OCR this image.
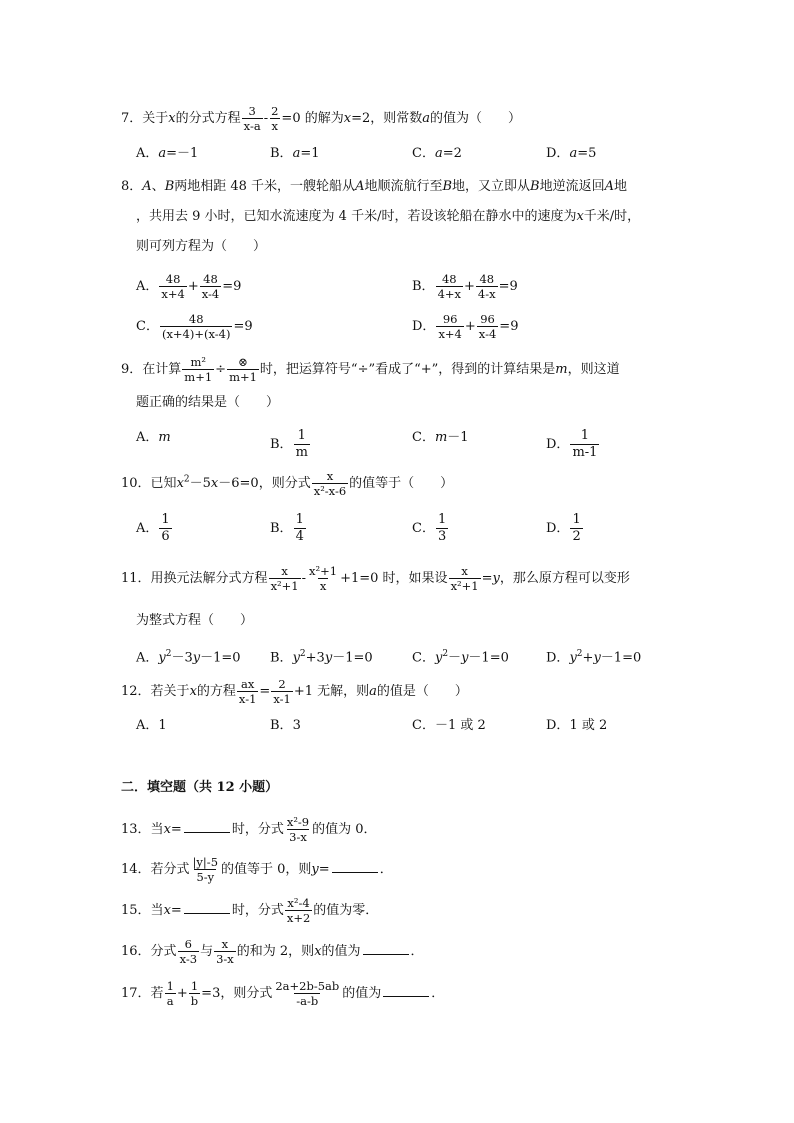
7．关于x的分式方程 $\frac{3}{x-a} - \frac{2}{x} =0$ 的解为x=2，则常数a的值为（　　）
A．a=－1	B．a=1	C．a=2	D．a=5
8．A、B两地相距 48 千米，一艘轮船从A地顺流航行至B地，又立即从B地逆流返回A地
，共用去 9 小时，已知水流速度为 4 千米/时，若设该轮船在静水中的速度为x千米/时，
则可列方程为（　　）
A． $\frac{48}{x+4} + \frac{48}{x-4} =9$	B． $\frac{48}{4+x} + \frac{48}{4-x} =9$
C． $\frac{48}{(x+4)+(x-4)} =9$	D． $\frac{96}{x+4} + \frac{96}{x-4} =9$
9．在计算 $\frac{\text{m²}}{m+1} \div \frac{\otimes}{m+1}$ 时，把运算符号“÷”看成了“+”，得到的计算结果是m，则这道
题正确的结果是（　　）
A．m	B． $\frac{1}{m}$	C．m－1	D． $\frac{1}{m-1}$
10．已知$x^2-5x-6=0$，则分式 $\frac{x}{\text{x²-x-6}}$ 的值等于（　　）
A． $\frac{1}{6}$	B． $\frac{1}{4}$	C． $\frac{1}{3}$	D． $\frac{1}{2}$
11．用换元法解分式方程 $\frac{x}{\text{x²+1}} - \frac{\text{x²+1}}{x} +1=0$ 时，如果设 $\frac{x}{\text{x²+1}} =y$，那么原方程可以变形
为整式方程（　　）
A．$y^2-3y-1=0$ B．$y^2+3y-1=0$	C．$y^2-y-1=0$	D．$y^2+y-1=0$
12．若关于x的方程 $\frac{ax}{x-1} = \frac{2}{x-1} +1$ 无解，则a的值是（　　）
A．1	B．3	C．－1 或 2	D．1 或 2
二．填空题（共 12 小题）
13．当x=	时，分式 $\frac{\text{x²-9}}{3-x}$ 的值为 0．
14．若分式 $\frac{|y|-5}{5-y}$ 的值等于 0，则y=	．
15．当x=	时，分式 $\frac{\text{x²-4}}{x+2}$ 的值为零．
16．分式 $\frac{6}{x-3}$ 与 $\frac{x}{3-x}$ 的和为 2，则x的值为	．
17．若 $\frac{1}{a} + \frac{1}{b} =3$，则分式 $\frac{2a+2b-5ab}{-a-b}$ 的值为	．
